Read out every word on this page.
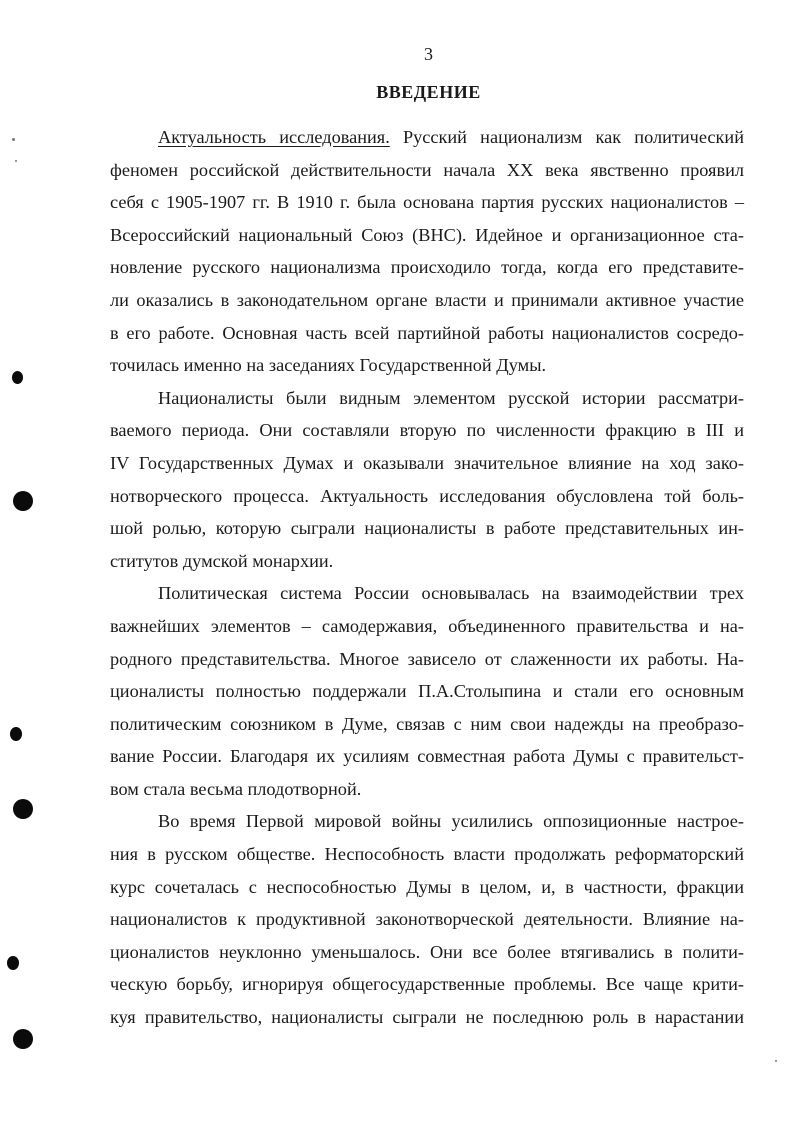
3
ВВЕДЕНИЕ
Актуальность исследования. Русский национализм как политический
феномен российской действительности начала XX века явственно проявил
себя с 1905-1907 гг. В 1910 г. была основана партия русских националистов –
Всероссийский национальный Союз (ВНС). Идейное и организационное ста-
новление русского национализма происходило тогда, когда его представите-
ли оказались в законодательном органе власти и принимали активное участие
в его работе. Основная часть всей партийной работы националистов сосредо-
точилась именно на заседаниях Государственной Думы.
Националисты были видным элементом русской истории рассматри-
ваемого периода. Они составляли вторую по численности фракцию в III и
IV Государственных Думах и оказывали значительное влияние на ход зако-
нотворческого процесса. Актуальность исследования обусловлена той боль-
шой ролью, которую сыграли националисты в работе представительных ин-
ститутов думской монархии.
Политическая система России основывалась на взаимодействии трех
важнейших элементов – самодержавия, объединенного правительства и на-
родного представительства. Многое зависело от слаженности их работы. На-
ционалисты полностью поддержали П.А.Столыпина и стали его основным
политическим союзником в Думе, связав с ним свои надежды на преобразо-
вание России. Благодаря их усилиям совместная работа Думы с правительст-
вом стала весьма плодотворной.
Во время Первой мировой войны усилились оппозиционные настрое-
ния в русском обществе. Неспособность власти продолжать реформаторский
курс сочеталась с неспособностью Думы в целом, и, в частности, фракции
националистов к продуктивной законотворческой деятельности. Влияние на-
ционалистов неуклонно уменьшалось. Они все более втягивались в полити-
ческую борьбу, игнорируя общегосударственные проблемы. Все чаще крити-
куя правительство, националисты сыграли не последнюю роль в нарастании
